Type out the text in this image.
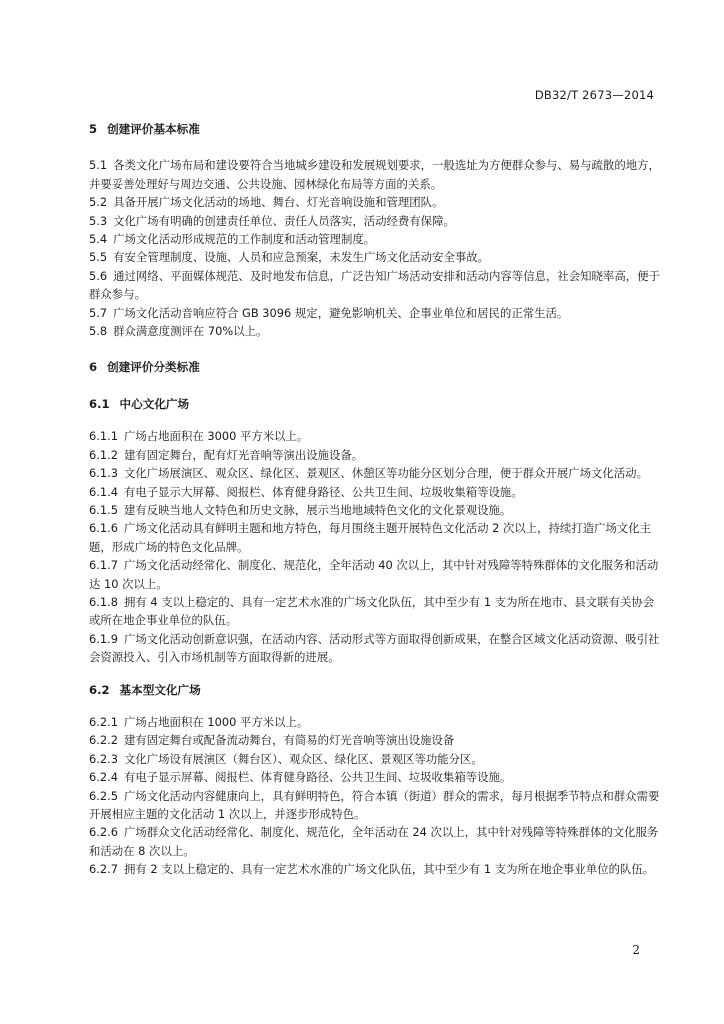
DB32/T 2673—2014
5 创建评价基本标准

5.1 各类文化广场布局和建设要符合当地城乡建设和发展规划要求，一般选址为方便群众参与、易与疏散的地方，并要妥善处理好与周边交通、公共设施、园林绿化布局等方面的关系。

5.2 具备开展广场文化活动的场地、舞台、灯光音响设施和管理团队。

5.3 文化广场有明确的创建责任单位、责任人员落实，活动经费有保障。

5.4 广场文化活动形成规范的工作制度和活动管理制度。

5.5 有安全管理制度、设施、人员和应急预案，未发生广场文化活动安全事故。

5.6 通过网络、平面媒体规范、及时地发布信息，广泛告知广场活动安排和活动内容等信息，社会知晓率高，便于群众参与。

5.7 广场文化活动音响应符合 GB 3096 规定，避免影响机关、企事业单位和居民的正常生活。

5.8 群众满意度测评在 70%以上。

6 创建评价分类标准
6.1 中心文化广场

6.1.1 广场占地面积在 3000 平方米以上。

6.1.2 建有固定舞台，配有灯光音响等演出设施设备。

6.1.3 文化广场展演区、观众区、绿化区、景观区、休憩区等功能分区划分合理，便于群众开展广场文化活动。

6.1.4 有电子显示大屏幕、阅报栏、体育健身路径、公共卫生间、垃圾收集箱等设施。

6.1.5 建有反映当地人文特色和历史文脉，展示当地地域特色文化的文化景观设施。

6.1.6 广场文化活动具有鲜明主题和地方特色，每月围绕主题开展特色文化活动 2 次以上，持续打造广场文化主题，形成广场的特色文化品牌。

6.1.7 广场文化活动经常化、制度化、规范化，全年活动 40 次以上，其中针对残障等特殊群体的文化服务和活动达 10 次以上。

6.1.8 拥有 4 支以上稳定的、具有一定艺术水准的广场文化队伍，其中至少有 1 支为所在地市、县文联有关协会或所在地企事业单位的队伍。

6.1.9 广场文化活动创新意识强，在活动内容、活动形式等方面取得创新成果，在整合区域文化活动资源、吸引社会资源投入、引入市场机制等方面取得新的进展。

6.2 基本型文化广场

6.2.1 广场占地面积在 1000 平方米以上。

6.2.2 建有固定舞台或配备流动舞台，有简易的灯光音响等演出设施设备

6.2.3 文化广场设有展演区（舞台区）、观众区、绿化区、景观区等功能分区。

6.2.4 有电子显示屏幕、阅报栏、体育健身路径、公共卫生间、垃圾收集箱等设施。

6.2.5 广场文化活动内容健康向上，具有鲜明特色，符合本镇（街道）群众的需求，每月根据季节特点和群众需要开展相应主题的文化活动 1 次以上，并逐步形成特色。

6.2.6 广场群众文化活动经常化、制度化、规范化，全年活动在 24 次以上，其中针对残障等特殊群体的文化服务和活动在 8 次以上。

6.2.7 拥有 2 支以上稳定的、具有一定艺术水准的广场文化队伍，其中至少有 1 支为所在地企事业单位的队伍。

2
